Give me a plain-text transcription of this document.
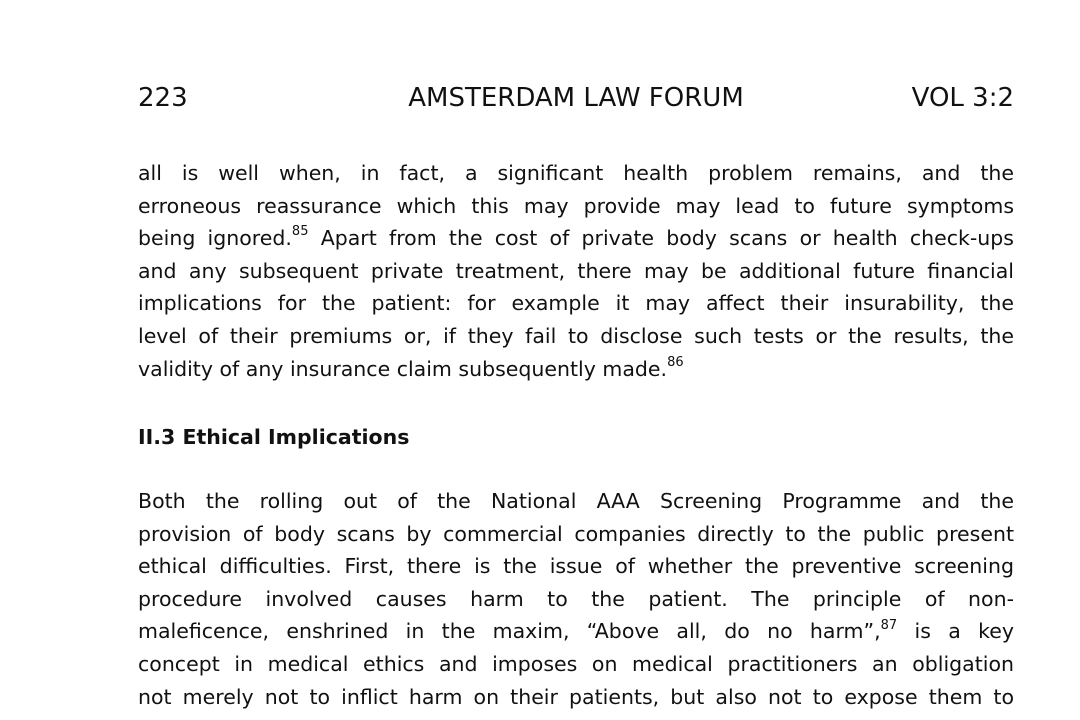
AMSTERDAM LAW FORUM
223	VOL 3:2
all is well when, in fact, a significant health problem remains, and the
erroneous reassurance which this may provide may lead to future symptoms
being ignored.$^{85}$ Apart from the cost of private body scans or health check-ups
and any subsequent private treatment, there may be additional future financial
implications for the patient: for example it may affect their insurability, the
level of their premiums or, if they fail to disclose such tests or the results, the
validity of any insurance claim subsequently made.$^{86}$
II.3 Ethical Implications
Both the rolling out of the National AAA Screening Programme and the
provision of body scans by commercial companies directly to the public present
ethical difficulties. First, there is the issue of whether the preventive screening
procedure involved causes harm to the patient. The principle of non-
maleficence, enshrined in the maxim, “Above all, do no harm”,$^{87}$ is a key
concept in medical ethics and imposes on medical practitioners an obligation
not merely not to inflict harm on their patients, but also not to expose them to
